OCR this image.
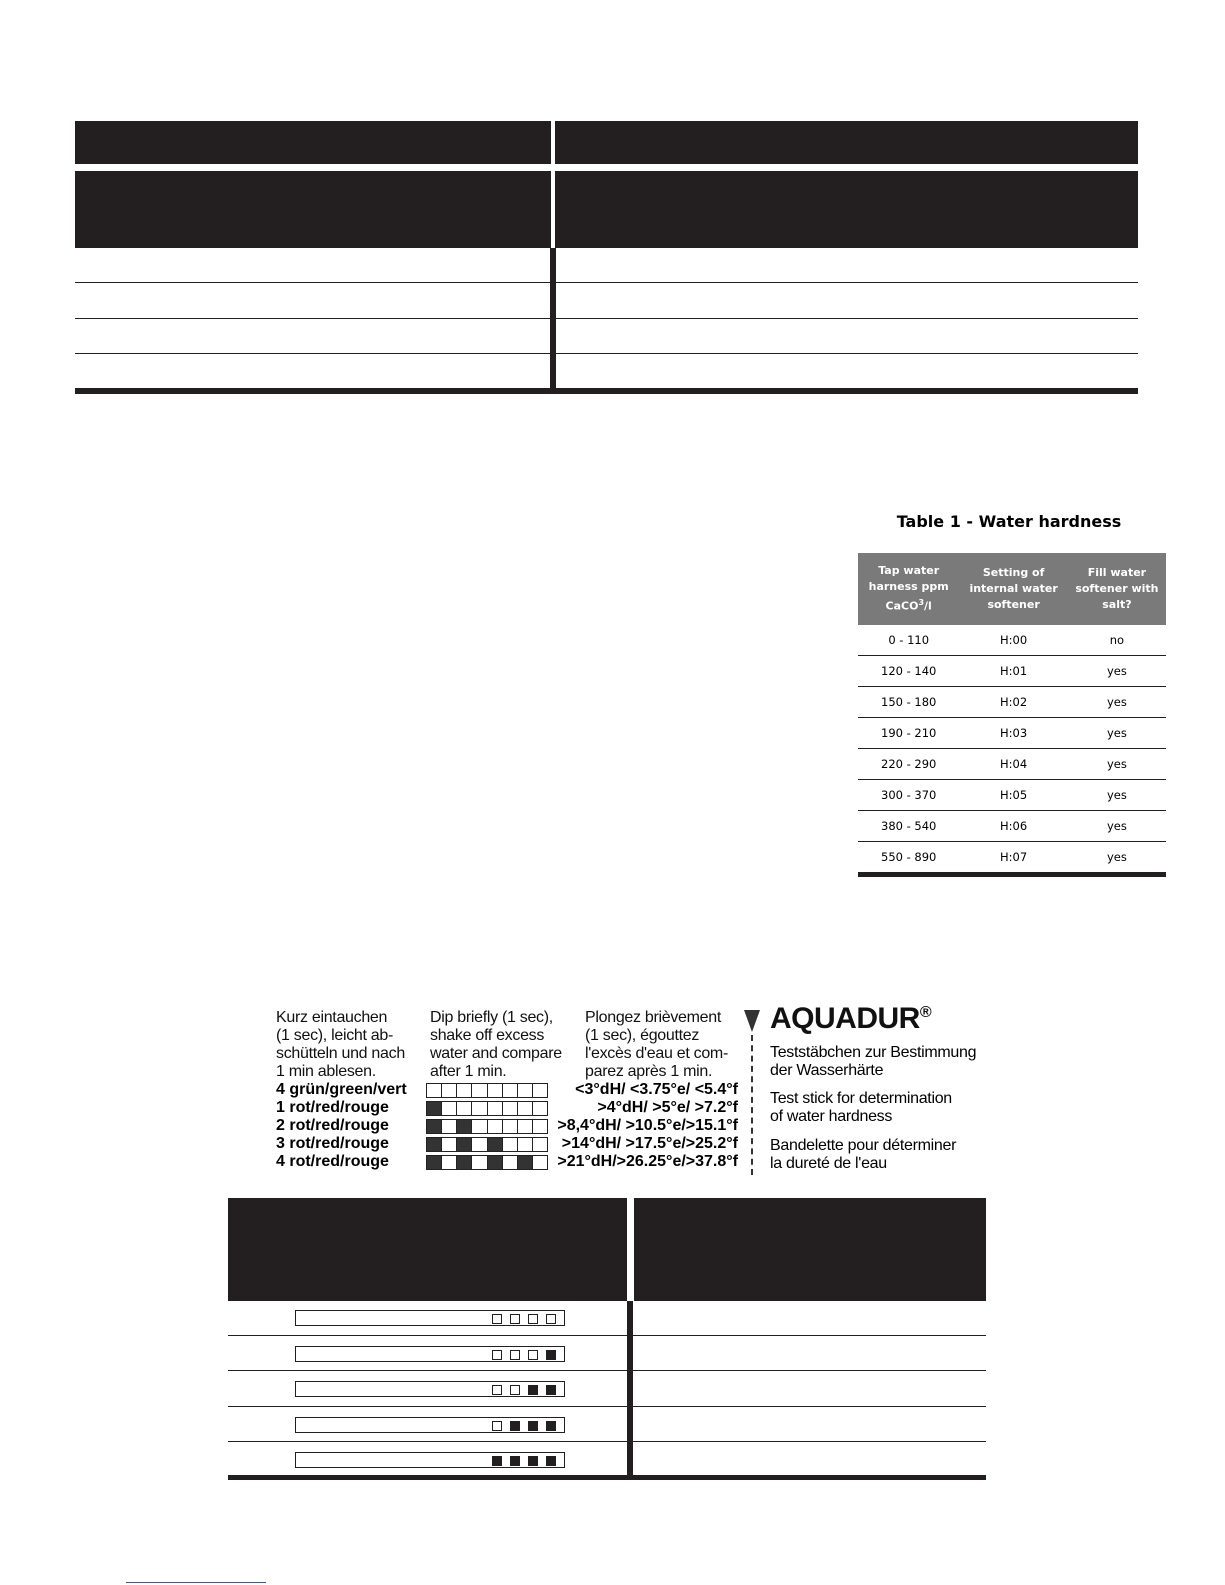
Table 1 - Water hardness
Tap water harness ppm CaCO$^3$/l	Setting of internal water softener	Fill water softener with salt?
0 - 110	H:00	no
120 - 140	H:01	yes
150 - 180	H:02	yes
190 - 210	H:03	yes
220 - 290	H:04	yes
300 - 370	H:05	yes
380 - 540	H:06	yes
550 - 890	H:07	yes
Kurz eintauchen
(1 sec), leicht ab-
schütteln und nach
1 min ablesen.
Dip briefly (1 sec),
shake off excess
water and compare
after 1 min.
Plongez brièvement
(1 sec), égouttez
l'excès d'eau et com-
parez après 1 min.
4 grün/green/vert	<3°dH/ <3.75°e/ <5.4°f
1 rot/red/rouge	>4°dH/ >5°e/ >7.2°f
2 rot/red/rouge	>8,4°dH/ >10.5°e/>15.1°f
3 rot/red/rouge	>14°dH/ >17.5°e/>25.2°f
4 rot/red/rouge	>21°dH/>26.25°e/>37.8°f
AQUADUR®
Teststäbchen zur Bestimmung
der Wasserhärte
Test stick for determination
of water hardness
Bandelette pour déterminer
la dureté de l'eau
